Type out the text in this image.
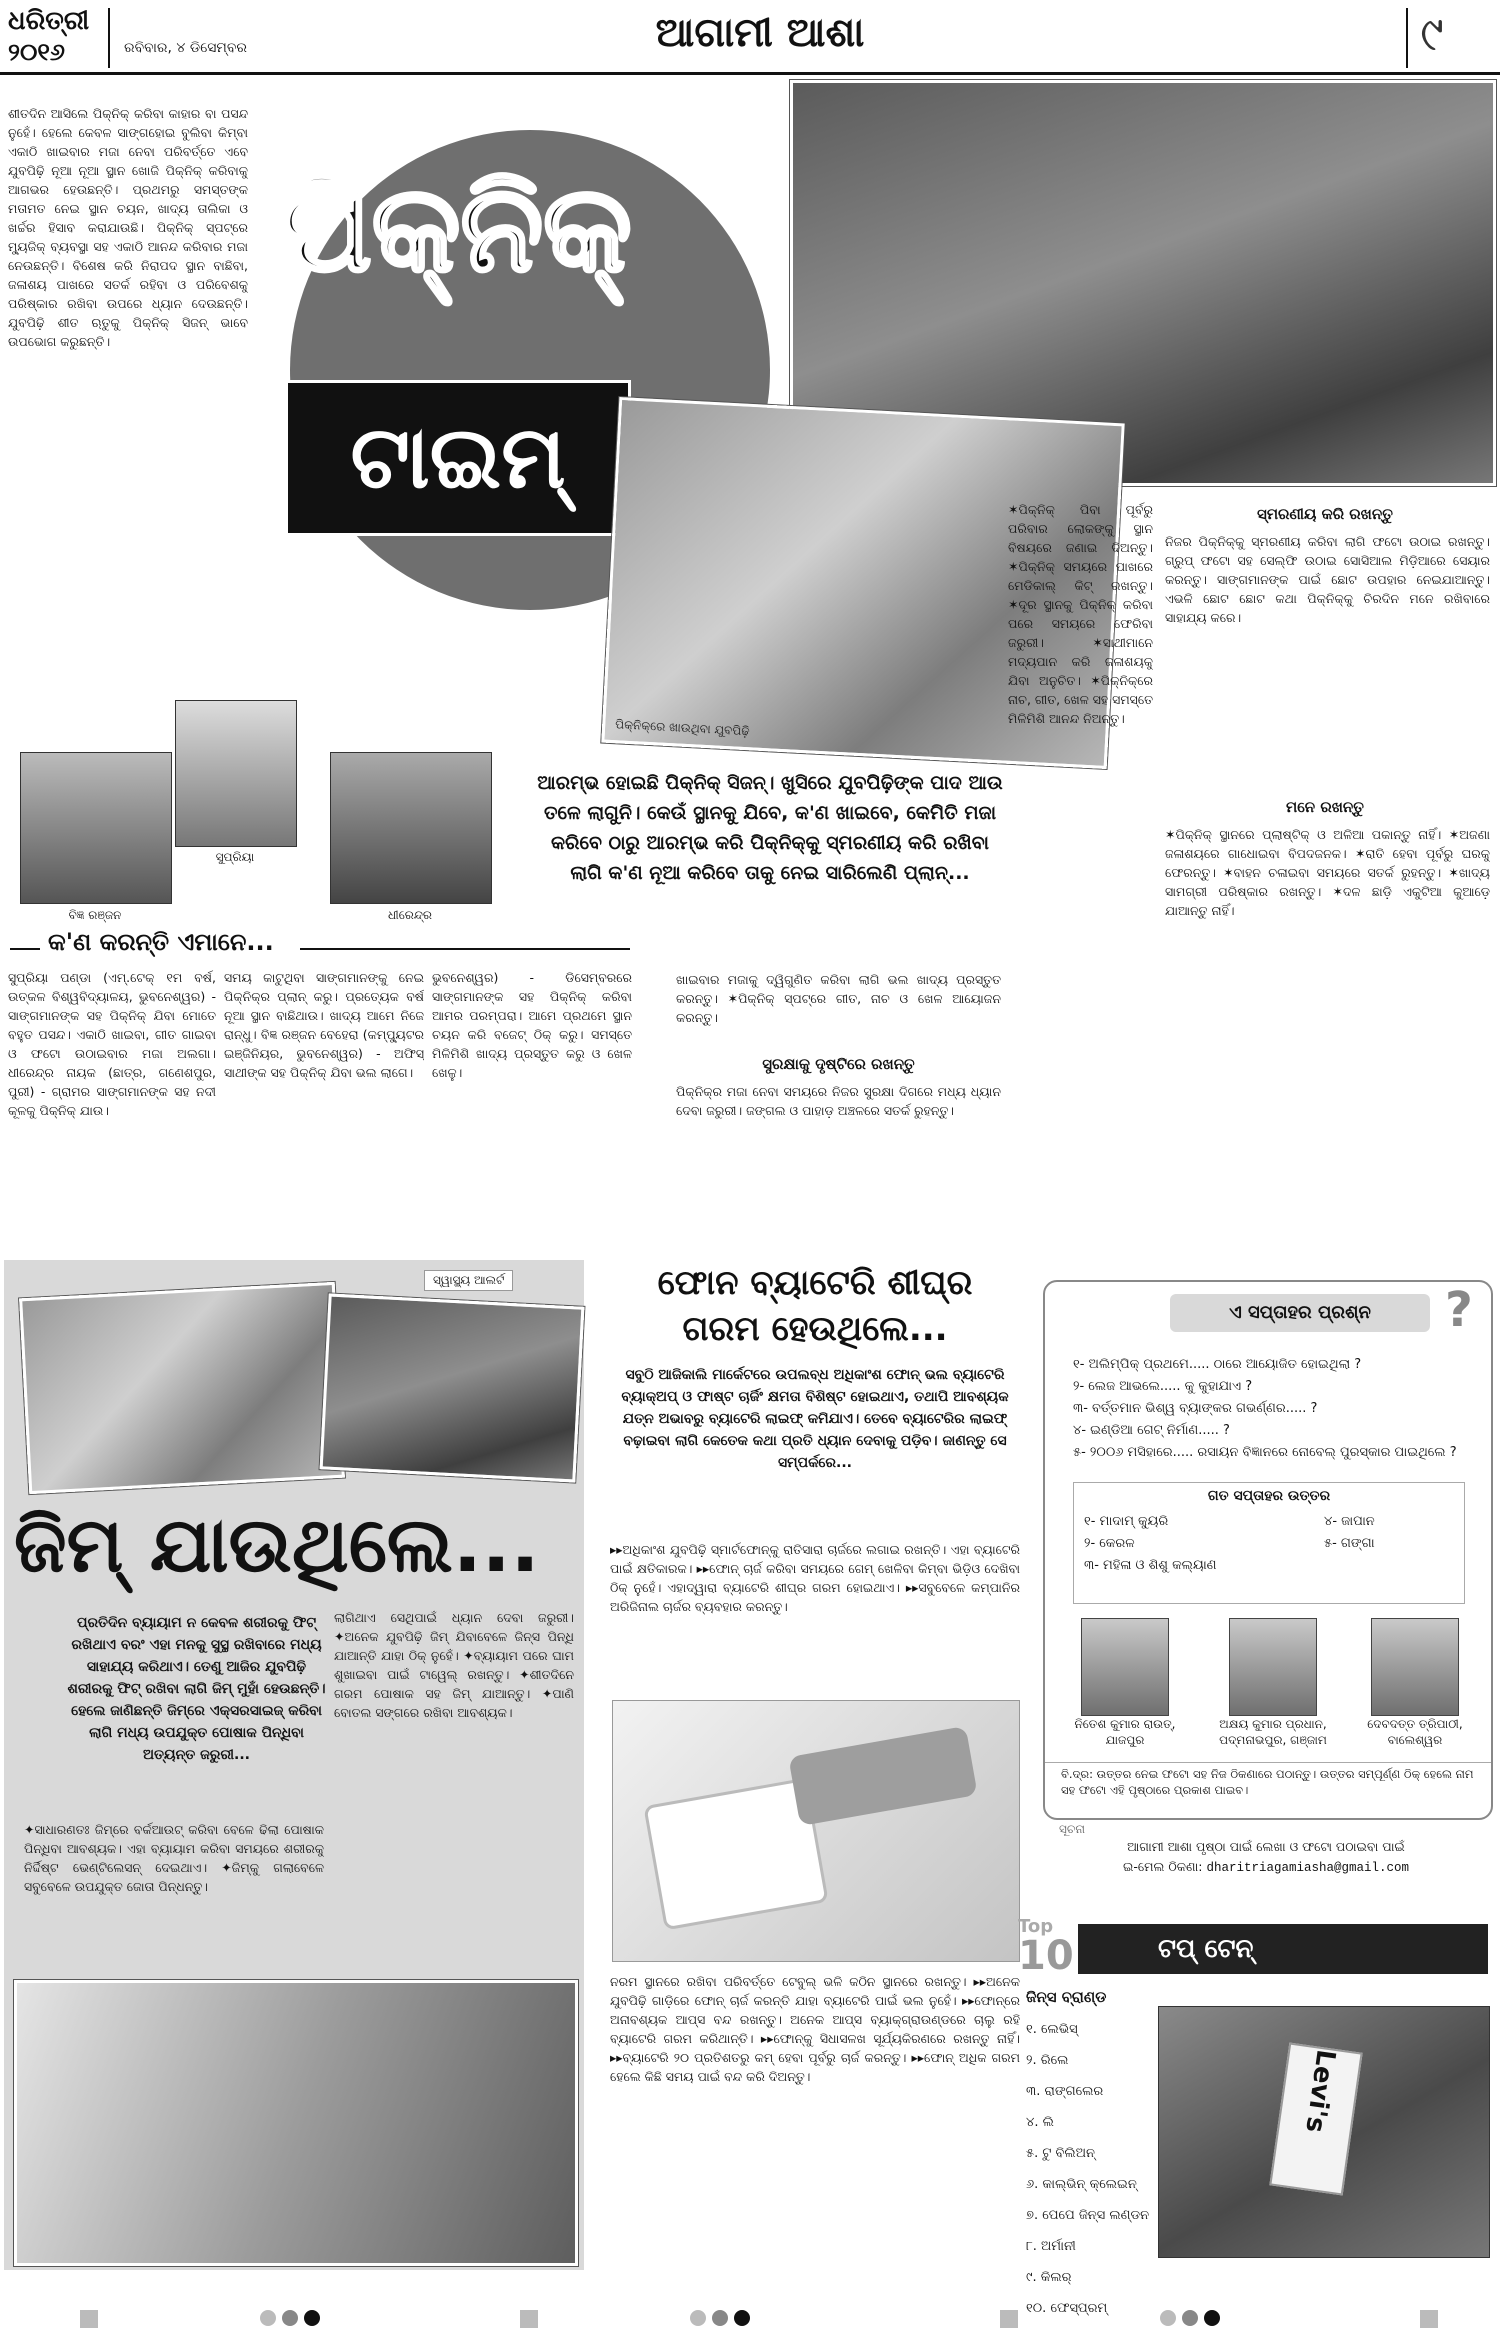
ଧରିତ୍ରୀ
୨୦୧୬	ରବିବାର, ୪ ଡିସେମ୍ବର	ଆଗାମୀ ଆଶା	୯
ଶୀତଦିନ ଆସିଲେ ପିକ୍‌ନିକ୍ କରିବା କାହାର ବା ପସନ୍ଦ ନୁହେଁ। ହେଲେ କେବଳ ସାଙ୍ଗହୋଇ ବୁଲିବା କିମ୍ବା ଏକାଠି ଖାଇବାର ମଜା ନେବା ପରିବର୍ତ୍ତେ ଏବେ ଯୁବପିଢ଼ି ନୂଆ ନୂଆ ସ୍ଥାନ ଖୋଜି ପିକ୍‌ନିକ୍ କରିବାକୁ ଆଗଭର ହେଉଛନ୍ତି। ପ୍ରଥମରୁ ସମସ୍ତଙ୍କ ମତାମତ ନେଇ ସ୍ଥାନ ଚୟନ, ଖାଦ୍ୟ ତାଲିକା ଓ ଖର୍ଚ୍ଚର ହିସାବ କରାଯାଉଛି। ପିକ୍‌ନିକ୍ ସ୍ପଟ୍‌ରେ ମ୍ୟୁଜିକ୍ ବ୍ୟବସ୍ଥା ସହ ଏକାଠି ଆନନ୍ଦ କରିବାର ମଜା ନେଉଛନ୍ତି। ବିଶେଷ କରି ନିରାପଦ ସ୍ଥାନ ବାଛିବା, ଜଳାଶୟ ପାଖରେ ସତର୍କ ରହିବା ଓ ପରିବେଶକୁ ପରିଷ୍କାର ରଖିବା ଉପରେ ଧ୍ୟାନ ଦେଉଛନ୍ତି। ଯୁବପିଢ଼ି ଶୀତ ଋତୁକୁ ପିକ୍‌ନିକ୍ ସିଜନ୍ ଭାବେ ଉପଭୋଗ କରୁଛନ୍ତି।
ପିକ୍‌ନିକ୍
ଟାଇମ୍
ପିକ୍‌ନିକ୍‌ରେ ଖାଉଥିବା ଯୁବପିଢ଼ି
✶ପିକ୍‌ନିକ୍ ପିବା ପୂର୍ବରୁ ପରିବାର ଲୋକଙ୍କୁ ସ୍ଥାନ ବିଷୟରେ ଜଣାଇ ଦିଅନ୍ତୁ। ✶ପିକ୍‌ନିକ୍ ସମୟରେ ପାଖରେ ମେଡିକାଲ୍ କିଟ୍ ରଖନ୍ତୁ। ✶ଦୂର ସ୍ଥାନକୁ ପିକ୍‌ନିକ୍ କରିବା ପରେ ସମୟରେ ଫେରିବା ଜରୁରୀ। ✶ସାଥୀମାନେ ମଦ୍ୟପାନ କରି ଜଳାଶୟକୁ ଯିବା ଅନୁଚିତ। ✶ପିକ୍‌ନିକ୍‌ରେ ନାଚ, ଗୀତ, ଖେଳ ସହ ସମସ୍ତେ ମିଳିମିଶି ଆନନ୍ଦ ନିଅନ୍ତୁ।
ସ୍ମରଣୀୟ କରି ରଖନ୍ତୁ
ନିଜର ପିକ୍‌ନିକ୍‌କୁ ସ୍ମରଣୀୟ କରିବା ଲାଗି ଫଟୋ ଉଠାଇ ରଖନ୍ତୁ। ଗ୍ରୁପ୍ ଫଟୋ ସହ ସେଲ୍‌ଫି ଉଠାଇ ସୋସିଆଲ ମିଡ଼ିଆରେ ସେୟାର କରନ୍ତୁ। ସାଙ୍ଗମାନଙ୍କ ପାଇଁ ଛୋଟ ଉପହାର ନେଇଯାଆନ୍ତୁ। ଏଭଳି ଛୋଟ ଛୋଟ କଥା ପିକ୍‌ନିକ୍‌କୁ ଚିରଦିନ ମନେ ରଖିବାରେ ସାହାଯ୍ୟ କରେ।
ମନେ ରଖନ୍ତୁ
✶ପିକ୍‌ନିକ୍ ସ୍ଥାନରେ ପ୍ଲାଷ୍ଟିକ୍ ଓ ଅଳିଆ ପକାନ୍ତୁ ନାହିଁ। ✶ଅଜଣା ଜଳାଶୟରେ ଗାଧୋଇବା ବିପଦଜନକ। ✶ରାତି ହେବା ପୂର୍ବରୁ ଘରକୁ ଫେରନ୍ତୁ। ✶ବାହନ ଚଳାଇବା ସମୟରେ ସତର୍କ ରୁହନ୍ତୁ। ✶ଖାଦ୍ୟ ସାମଗ୍ରୀ ପରିଷ୍କାର ରଖନ୍ତୁ। ✶ଦଳ ଛାଡ଼ି ଏକୁଟିଆ କୁଆଡ଼େ ଯାଆନ୍ତୁ ନାହିଁ।
ଆରମ୍ଭ ହୋଇଛି ପିକ୍‌ନିକ୍ ସିଜନ୍। ଖୁସିରେ ଯୁବପିଢ଼ିଙ୍କ ପାଦ ଆଉ ତଳେ ଲାଗୁନି। କେଉଁ ସ୍ଥାନକୁ ଯିବେ, କ'ଣ ଖାଇବେ, କେମିତି ମଜା କରିବେ ଠାରୁ ଆରମ୍ଭ କରି ପିକ୍‌ନିକ୍‌କୁ ସ୍ମରଣୀୟ କରି ରଖିବା ଲାଗି କ'ଣ ନୂଆ କରିବେ ତାକୁ ନେଇ ସାରିଲେଣି ପ୍ଲାନ୍‌...
ବିଜ୍ଞ ରଞ୍ଜନ
ସୁପ୍ରିୟା
ଧୀରେନ୍ଦ୍ର
କ'ଣ କରନ୍ତି ଏମାନେ...
ସୁପ୍ରିୟା ପଣ୍ଡା (ଏମ୍.ଟେକ୍ ୧ମ ବର୍ଷ, ଉତ୍କଳ ବିଶ୍ୱବିଦ୍ୟାଳୟ, ଭୁବନେଶ୍ୱର) - ସାଙ୍ଗମାନଙ୍କ ସହ ପିକ୍‌ନିକ୍ ଯିବା ମୋତେ ବହୁତ ପସନ୍ଦ। ଏକାଠି ଖାଇବା, ଗୀତ ଗାଇବା ଓ ଫଟୋ ଉଠାଇବାର ମଜା ଅଲଗା। ଧୀରେନ୍ଦ୍ର ନାୟକ (ଛାତ୍ର, ଗଣେଶପୁର, ପୁରୀ) - ଗ୍ରାମର ସାଙ୍ଗମାନଙ୍କ ସହ ନଦୀ କୂଳକୁ ପିକ୍‌ନିକ୍ ଯାଉ।
ସମୟ କାଟୁଥିବା ସାଙ୍ଗମାନଙ୍କୁ ନେଇ ପିକ୍‌ନିକ୍‌ର ପ୍ଲାନ୍ କରୁ। ପ୍ରତ୍ୟେକ ବର୍ଷ ନୂଆ ସ୍ଥାନ ବାଛିଥାଉ। ଖାଦ୍ୟ ଆମେ ନିଜେ ରାନ୍ଧୁ। ବିଜ୍ଞ ରଞ୍ଜନ ବେହେରା (କମ୍ପ୍ୟୁଟର ଇଞ୍ଜିନିୟର, ଭୁବନେଶ୍ୱର) - ଅଫିସ୍ ସାଥୀଙ୍କ ସହ ପିକ୍‌ନିକ୍ ଯିବା ଭଲ ଲାଗେ।
ଭୁବନେଶ୍ୱର) - ଡିସେମ୍ବରରେ ସାଙ୍ଗମାନଙ୍କ ସହ ପିକ୍‌ନିକ୍ କରିବା ଆମର ପରମ୍ପରା। ଆମେ ପ୍ରଥମେ ସ୍ଥାନ ଚୟନ କରି ବଜେଟ୍ ଠିକ୍ କରୁ। ସମସ୍ତେ ମିଳିମିଶି ଖାଦ୍ୟ ପ୍ରସ୍ତୁତ କରୁ ଓ ଖେଳ ଖେଳୁ।
ଖାଇବାର ମଜାକୁ ଦ୍ୱିଗୁଣିତ କରିବା ଲାଗି ଭଲ ଖାଦ୍ୟ ପ୍ରସ୍ତୁତ କରନ୍ତୁ। ✶ପିକ୍‌ନିକ୍ ସ୍ପଟ୍‌ରେ ଗୀତ, ନାଚ ଓ ଖେଳ ଆୟୋଜନ କରନ୍ତୁ।
ସୁରକ୍ଷାକୁ ଦୃଷ୍ଟିରେ ରଖନ୍ତୁ
ପିକ୍‌ନିକ୍‌ର ମଜା ନେବା ସମୟରେ ନିଜର ସୁରକ୍ଷା ଦିଗରେ ମଧ୍ୟ ଧ୍ୟାନ ଦେବା ଜରୁରୀ। ଜଙ୍ଗଲ ଓ ପାହାଡ଼ ଅଞ୍ଚଳରେ ସତର୍କ ରୁହନ୍ତୁ।
ସ୍ୱାସ୍ଥ୍ୟ ଆଲର୍ଟ
ଜିମ୍ ଯାଉଥିଲେ...
ପ୍ରତିଦିନ ବ୍ୟାୟାମ ନ କେବଳ ଶରୀରକୁ ଫିଟ୍ ରଖିଥାଏ ବରଂ ଏହା ମନକୁ ସୁସ୍ଥ ରଖିବାରେ ମଧ୍ୟ ସାହାଯ୍ୟ କରିଥାଏ। ତେଣୁ ଆଜିର ଯୁବପିଢ଼ି ଶରୀରକୁ ଫିଟ୍ ରଖିବା ଲାଗି ଜିମ୍ ମୁହାଁ ହେଉଛନ୍ତି। ହେଲେ ଜାଣିଛନ୍ତି ଜିମ୍‌ରେ ଏକ୍ସରସାଇଜ୍ କରିବା ଲାଗି ମଧ୍ୟ ଉପଯୁକ୍ତ ପୋଷାକ ପିନ୍ଧିବା ଅତ୍ୟନ୍ତ ଜରୁରୀ...
✦ସାଧାରଣତଃ ଜିମ୍‌ରେ ବର୍କଆଉଟ୍ କରିବା ବେଳେ ଢିଲା ପୋଷାକ ପିନ୍ଧିବା ଆବଶ୍ୟକ। ଏହା ବ୍ୟାୟାମ କରିବା ସମୟରେ ଶରୀରକୁ ନିର୍ଦ୍ଦିଷ୍ଟ ଭେଣ୍ଟିଲେସନ୍ ଦେଇଥାଏ। ✦ଜିମ୍‌କୁ ଗଲାବେଳେ ସବୁବେଳେ ଉପଯୁକ୍ତ ଜୋତା ପିନ୍ଧନ୍ତୁ।
ଲାଗିଥାଏ ସେଥିପାଇଁ ଧ୍ୟାନ ଦେବା ଜରୁରୀ। ✦ଅନେକ ଯୁବପିଢ଼ି ଜିମ୍ ଯିବାବେଳେ ଜିନ୍ସ ପିନ୍ଧି ଯାଆନ୍ତି ଯାହା ଠିକ୍ ନୁହେଁ। ✦ବ୍ୟାୟାମ ପରେ ଘାମ ଶୁଖାଇବା ପାଇଁ ଟାୱେଲ୍ ରଖନ୍ତୁ। ✦ଶୀତଦିନେ ଗରମ ପୋଷାକ ସହ ଜିମ୍ ଯାଆନ୍ତୁ। ✦ପାଣି ବୋତଲ ସଙ୍ଗରେ ରଖିବା ଆବଶ୍ୟକ।
ଫୋନ ବ୍ୟାଟେରି ଶୀଘ୍ର
ଗରମ ହେଉଥିଲେ...
ସବୁଠି ଆଜିକାଲି ମାର୍କେଟରେ ଉପଲବ୍ଧ ଅଧିକାଂଶ ଫୋନ୍ ଭଲ ବ୍ୟାଟେରି ବ୍ୟାକ୍‌ଅପ୍ ଓ ଫାଷ୍ଟ ଚାର୍ଜିଂ କ୍ଷମତା ବିଶିଷ୍ଟ ହୋଇଥାଏ, ତଥାପି ଆବଶ୍ୟକ ଯତ୍ନ ଅଭାବରୁ ବ୍ୟାଟେରି ଲାଇଫ୍ କମିଯାଏ। ତେବେ ବ୍ୟାଟେରିର ଲାଇଫ୍ ବଢ଼ାଇବା ଲାଗି କେତେକ କଥା ପ୍ରତି ଧ୍ୟାନ ଦେବାକୁ ପଡ଼ିବ। ଜାଣନ୍ତୁ ସେ ସମ୍ପର୍କରେ...
▸▸ଅଧିକାଂଶ ଯୁବପିଢ଼ି ସ୍ମାର୍ଟଫୋନ୍‌କୁ ରାତିସାରା ଚାର୍ଜରେ ଲଗାଇ ରଖନ୍ତି। ଏହା ବ୍ୟାଟେରି ପାଇଁ କ୍ଷତିକାରକ। ▸▸ଫୋନ୍ ଚାର୍ଜ କରିବା ସମୟରେ ଗେମ୍ ଖେଳିବା କିମ୍ବା ଭିଡ଼ିଓ ଦେଖିବା ଠିକ୍ ନୁହେଁ। ଏହାଦ୍ୱାରା ବ୍ୟାଟେରି ଶୀଘ୍ର ଗରମ ହୋଇଥାଏ। ▸▸ସବୁବେଳେ କମ୍ପାନିର ଅରିଜିନାଲ ଚାର୍ଜର ବ୍ୟବହାର କରନ୍ତୁ।
ନରମ ସ୍ଥାନରେ ରଖିବା ପରିବର୍ତ୍ତେ ଟେବୁଲ୍ ଭଳି କଠିନ ସ୍ଥାନରେ ରଖନ୍ତୁ। ▸▸ଅନେକ ଯୁବପିଢ଼ି ଗାଡ଼ିରେ ଫୋନ୍ ଚାର୍ଜ କରନ୍ତି ଯାହା ବ୍ୟାଟେରି ପାଇଁ ଭଲ ନୁହେଁ। ▸▸ଫୋନ୍‌ରେ ଅନାବଶ୍ୟକ ଆପ୍ସ ବନ୍ଦ ରଖନ୍ତୁ। ଅନେକ ଆପ୍ସ ବ୍ୟାକ୍‌ଗ୍ରାଉଣ୍ଡରେ ଚାଲୁ ରହି ବ୍ୟାଟେରି ଗରମ କରିଥାନ୍ତି। ▸▸ଫୋନ୍‌କୁ ସିଧାସଳଖ ସୂର୍ଯ୍ୟକିରଣରେ ରଖନ୍ତୁ ନାହିଁ। ▸▸ବ୍ୟାଟେରି ୨୦ ପ୍ରତିଶତରୁ କମ୍ ହେବା ପୂର୍ବରୁ ଚାର୍ଜ କରନ୍ତୁ। ▸▸ଫୋନ୍ ଅଧିକ ଗରମ ହେଲେ କିଛି ସମୟ ପାଇଁ ବନ୍ଦ କରି ଦିଅନ୍ତୁ।
ଏ ସପ୍ତାହର ପ୍ରଶ୍ନ	?
୧- ଅଲିମ୍ପିକ୍ ପ୍ରଥମେ..... ଠାରେ ଆୟୋଜିତ ହୋଇଥିଲା ?
୨- ଲେଜ ଆଭଲେ..... କୁ କୁହାଯାଏ ?
୩- ବର୍ତ୍ତମାନ ଭିଶ୍ୱ ବ୍ୟାଙ୍କର ଗଭର୍ଣ୍ଣର..... ?
୪- ଇଣ୍ଡିଆ ଗେଟ୍ ନିର୍ମାଣ..... ?
୫- ୨୦୦୬ ମସିହାରେ..... ରସାୟନ ବିଜ୍ଞାନରେ ନୋବେଲ୍ ପୁରସ୍କାର ପାଇଥିଲେ ?
ଗତ ସପ୍ତାହର ଉତ୍ତର
୧- ମାଦାମ୍ କ୍ୟୁରି
୨- କେରଳ
୩- ମହିଳା ଓ ଶିଶୁ କଲ୍ୟାଣ
୪- ଜାପାନ
୫- ଗଙ୍ଗା
ନିତେଶ କୁମାର ରାଉତ୍,
ଯାଜପୁର
ଅକ୍ଷୟ କୁମାର ପ୍ରଧାନ,
ପଦ୍ମନାଭପୁର, ଗଞ୍ଜାମ
ଦେବଦତ୍ତ ତ୍ରିପାଠୀ,
ବାଲେଶ୍ୱର
ବି.ଦ୍ର: ଉତ୍ତର ନେଇ ଫଟୋ ସହ ନିଜ ଠିକଣାରେ ପଠାନ୍ତୁ। ଉତ୍ତର ସମ୍ପୂର୍ଣ୍ଣ ଠିକ୍ ହେଲେ ନାମ ସହ ଫଟୋ ଏହି ପୃଷ୍ଠାରେ ପ୍ରକାଶ ପାଇବ।
ସୂଚନା
ଆଗାମୀ ଆଶା ପୃଷ୍ଠା ପାଇଁ ଲେଖା ଓ ଫଟୋ ପଠାଇବା ପାଇଁ
ଇ-ମେଲ ଠିକଣା: dharitriagamiasha@gmail.com
Top
10	ଟପ୍ ଟେନ୍
ଜିନ୍ସ ବ୍ରାଣ୍ଡ
୧. ଲେଭିସ୍
୨. ରିଲେ
୩. ରାଙ୍ଗଲେର
୪. ଲି
୫. ଟୁ ବିଲିଅନ୍
୬. କାଲ୍‌ଭିନ୍ କ୍ଲେଇନ୍
୭. ପେପେ ଜିନ୍ସ ଲଣ୍ଡନ
୮. ଅର୍ମାନୀ
୯. କିଲର୍
୧୦. ଫେସ୍‌ପ୍ରମ୍
Levi's
